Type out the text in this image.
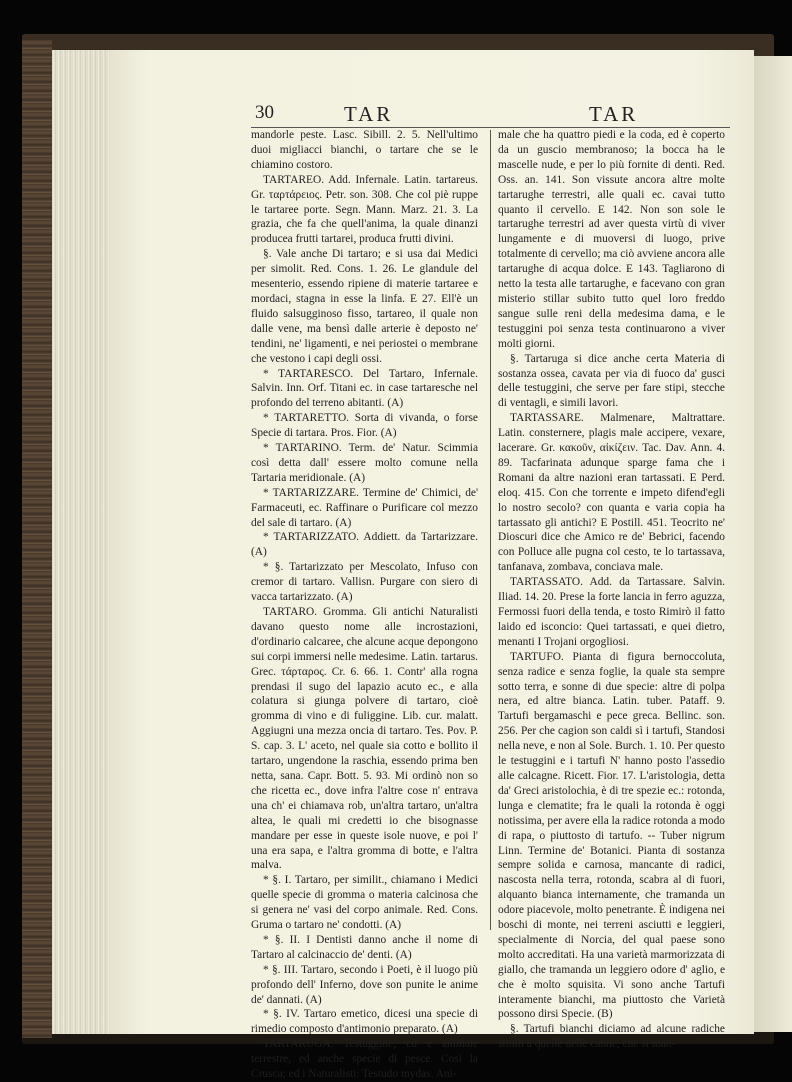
30	TAR	TAR

mandorle peste. Lasc. Sibill. 2. 5. Nell'ultimo duoi migliacci bianchi, o tartare che se le chiamino costoro.

TARTAREO. Add. Infernale. Latin. tartareus. Gr. ταρτάρειος. Petr. son. 308. Che col piè ruppe le tartaree porte. Segn. Mann. Marz. 21. 3. La grazia, che fa che quell'anima, la quale dinanzi producea frutti tartarei, produca frutti divini.

§. Vale anche Di tartaro; e si usa dai Medici per simolit. Red. Cons. 1. 26. Le glandule del mesenterio, essendo ripiene di materie tartaree e mordaci, stagna in esse la linfa. E 27. Ell'è un fluido salsugginoso fisso, tartareo, il quale non dalle vene, ma bensì dalle arterie è deposto ne' tendini, ne' ligamenti, e nei periostei o membrane che vestono i capi degli ossi.

* TARTARESCO. Del Tartaro, Infernale. Salvin. Inn. Orf. Titani ec. in case tartaresche nel profondo del terreno abitanti. (A)

* TARTARETTO. Sorta di vivanda, o forse Specie di tartara. Pros. Fior. (A)

* TARTARINO. Term. de' Natur. Scimmia così detta dall' essere molto comune nella Tartaria meridionale. (A)

* TARTARIZZARE. Termine de' Chimici, de' Farmaceuti, ec. Raffinare o Purificare col mezzo del sale di tartaro. (A)

* TARTARIZZATO. Addiett. da Tartarizzare. (A)

* §. Tartarizzato per Mescolato, Infuso con cremor di tartaro. Vallisn. Purgare con siero di vacca tartarizzato. (A)

TARTARO. Gromma. Gli antichi Naturalisti davano questo nome alle incrostazioni, d'ordinario calcaree, che alcune acque depongono sui corpi immersi nelle medesime. Latin. tartarus. Grec. τάρταρος. Cr. 6. 66. 1. Contr' alla rogna prendasi il sugo del lapazio acuto ec., e alla colatura si giunga polvere di tartaro, cioè gromma di vino e di fuliggine. Lib. cur. malatt. Aggiugni una mezza oncia di tartaro. Tes. Pov. P. S. cap. 3. L' aceto, nel quale sia cotto e bollito il tartaro, ungendone la raschia, essendo prima ben netta, sana. Capr. Bott. 5. 93. Mi ordinò non so che ricetta ec., dove infra l'altre cose n' entrava una ch' ei chiamava rob, un'altra tartaro, un'altra altea, le quali mi credetti io che bisognasse mandare per esse in queste isole nuove, e poi l' una era sapa, e l'altra gromma di botte, e l'altra malva.

* §. I. Tartaro, per similit., chiamano i Medici quelle specie di gromma o materia calcinosa che si genera ne' vasi del corpo animale. Red. Cons. Gruma o tartaro ne' condotti. (A)

* §. II. I Dentisti danno anche il nome di Tartaro al calcinaccio de' denti. (A)

* §. III. Tartaro, secondo i Poeti, è il luogo più profondo dell' Inferno, dove son punite le anime de' dannati. (A)

* §. IV. Tartaro emetico, dicesi una specie di rimedio composto d'antimonio preparato. (A)

TARTARUGA. Testuggine; ed è animale terrestre, ed anche specie di pesce. Così la Crusca; ed i Naturalisti: Testudo mydas. Ani-

male che ha quattro piedi e la coda, ed è coperto da un guscio membranoso; la bocca ha le mascelle nude, e per lo più fornite di denti. Red. Oss. an. 141. Son vissute ancora altre molte tartarughe terrestri, alle quali ec. cavai tutto quanto il cervello. E 142. Non son sole le tartarughe terrestri ad aver questa virtù di viver lungamente e di muoversi di luogo, prive totalmente di cervello; ma ciò avviene ancora alle tartarughe di acqua dolce. E 143. Tagliarono di netto la testa alle tartarughe, e facevano con gran misterio stillar subito tutto quel loro freddo sangue sulle reni della medesima dama, e le testuggini poi senza testa continuarono a viver molti giorni.

§. Tartaruga si dice anche certa Materia di sostanza ossea, cavata per via di fuoco da' gusci delle testuggini, che serve per fare stipi, stecche di ventagli, e simili lavori.

TARTASSARE. Malmenare, Maltrattare. Latin. consternere, plagis male accipere, vexare, lacerare. Gr. κακοῦν, αἰκίζειν. Tac. Dav. Ann. 4. 89. Tacfarinata adunque sparge fama che i Romani da altre nazioni eran tartassati. E Perd. eloq. 415. Con che torrente e impeto difend'egli lo nostro secolo? con quanta e varia copia ha tartassato gli antichi? E Postill. 451. Teocrito ne' Dioscuri dice che Amico re de' Bebrici, facendo con Polluce alle pugna col cesto, te lo tartassava, tanfanava, zombava, conciava male.

TARTASSATO. Add. da Tartassare. Salvin. Iliad. 14. 20. Prese la forte lancia in ferro aguzza, Fermossi fuori della tenda, e tosto Rimirò il fatto laido ed isconcio: Quei tartassati, e quei dietro, menanti I Trojani orgogliosi.

TARTUFO. Pianta di figura bernoccoluta, senza radice e senza foglie, la quale sta sempre sotto terra, e sonne di due specie: altre di polpa nera, ed altre bianca. Latin. tuber. Pataff. 9. Tartufi bergamaschi e pece greca. Bellinc. son. 256. Per che cagion son caldi sì i tartufi, Standosi nella neve, e non al Sole. Burch. 1. 10. Per questo le testuggini e i tartufi N' hanno posto l'assedio alle calcagne. Ricett. Fior. 17. L'aristologia, detta da' Greci aristolochia, è di tre spezie ec.: rotonda, lunga e clematite; fra le quali la rotonda è oggi notissima, per avere ella la radice rotonda a modo di rapa, o piuttosto di tartufo. -- Tuber nigrum Linn. Termine de' Botanici. Pianta di sostanza sempre solida e carnosa, mancante di radici, nascosta nella terra, rotonda, scabra al di fuori, alquanto bianca internamente, che tramanda un odore piacevole, molto penetrante. È indigena nei boschi di monte, nei terreni asciutti e leggieri, specialmente di Norcia, del qual paese sono molto accreditati. Ha una varietà marmorizzata di giallo, che tramanda un leggiero odore d' aglio, e che è molto squisita. Vi sono anche Tartufi interamente bianchi, ma piuttosto che Varietà possono dirsi Specie. (B)

§. Tartufi bianchi diciamo ad alcune radiche simili a quelle delle canne, che si man-
